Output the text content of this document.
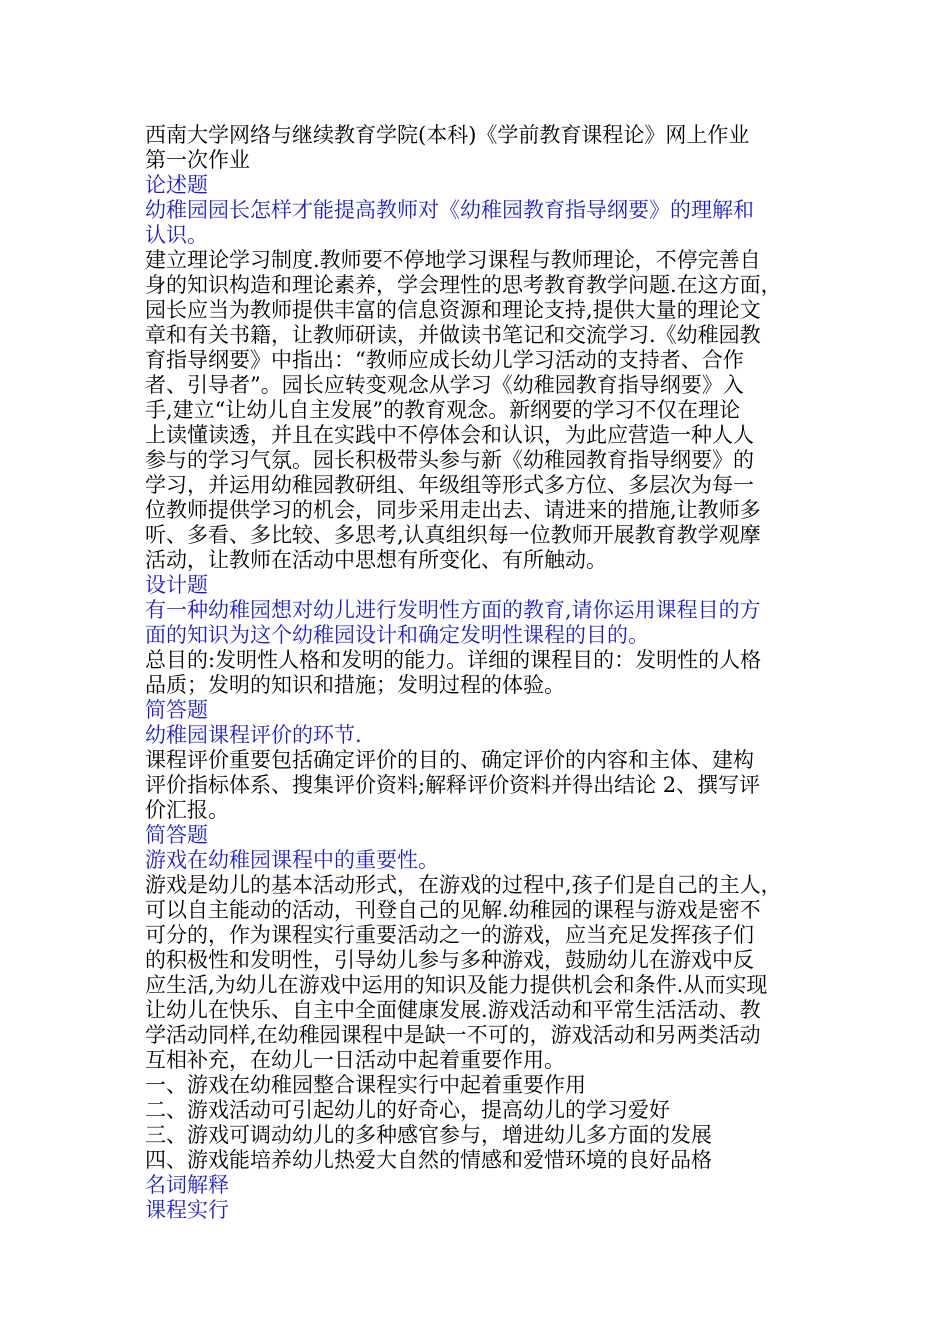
西南大学网络与继续教育学院(本科)《学前教育课程论》网上作业
第一次作业
论述题
幼稚园园长怎样才能提高教师对《幼稚园教育指导纲要》的理解和
认识。
建立理论学习制度.教师要不停地学习课程与教师理论，不停完善自
身的知识构造和理论素养，学会理性的思考教育教学问题.在这方面，
园长应当为教师提供丰富的信息资源和理论支持,提供大量的理论文
章和有关书籍，让教师研读，并做读书笔记和交流学习.《幼稚园教
育指导纲要》中指出：“教师应成长幼儿学习活动的支持者、合作
者、引导者”。园长应转变观念从学习《幼稚园教育指导纲要》入
手,建立“让幼儿自主发展”的教育观念。新纲要的学习不仅在理论
上读懂读透，并且在实践中不停体会和认识，为此应营造一种人人
参与的学习气氛。园长积极带头参与新《幼稚园教育指导纲要》的
学习，并运用幼稚园教研组、年级组等形式多方位、多层次为每一
位教师提供学习的机会，同步采用走出去、请进来的措施,让教师多
听、多看、多比较、多思考,认真组织每一位教师开展教育教学观摩
活动，让教师在活动中思想有所变化、有所触动。
设计题
有一种幼稚园想对幼儿进行发明性方面的教育,请你运用课程目的方
面的知识为这个幼稚园设计和确定发明性课程的目的。
总目的:发明性人格和发明的能力。详细的课程目的：发明性的人格
品质；发明的知识和措施；发明过程的体验。
简答题
幼稚园课程评价的环节.
课程评价重要包括确定评价的目的、确定评价的内容和主体、建构
评价指标体系、搜集评价资料;解释评价资料并得出结论 2、撰写评
价汇报。
简答题
游戏在幼稚园课程中的重要性。
游戏是幼儿的基本活动形式，在游戏的过程中,孩子们是自己的主人，
可以自主能动的活动，刊登自己的见解.幼稚园的课程与游戏是密不
可分的，作为课程实行重要活动之一的游戏，应当充足发挥孩子们
的积极性和发明性，引导幼儿参与多种游戏，鼓励幼儿在游戏中反
应生活,为幼儿在游戏中运用的知识及能力提供机会和条件.从而实现
让幼儿在快乐、自主中全面健康发展.游戏活动和平常生活活动、教
学活动同样,在幼稚园课程中是缺一不可的，游戏活动和另两类活动
互相补充，在幼儿一日活动中起着重要作用。
一、游戏在幼稚园整合课程实行中起着重要作用
二、游戏活动可引起幼儿的好奇心，提高幼儿的学习爱好
三、游戏可调动幼儿的多种感官参与，增进幼儿多方面的发展
四、游戏能培养幼儿热爱大自然的情感和爱惜环境的良好品格
名词解释
课程实行
